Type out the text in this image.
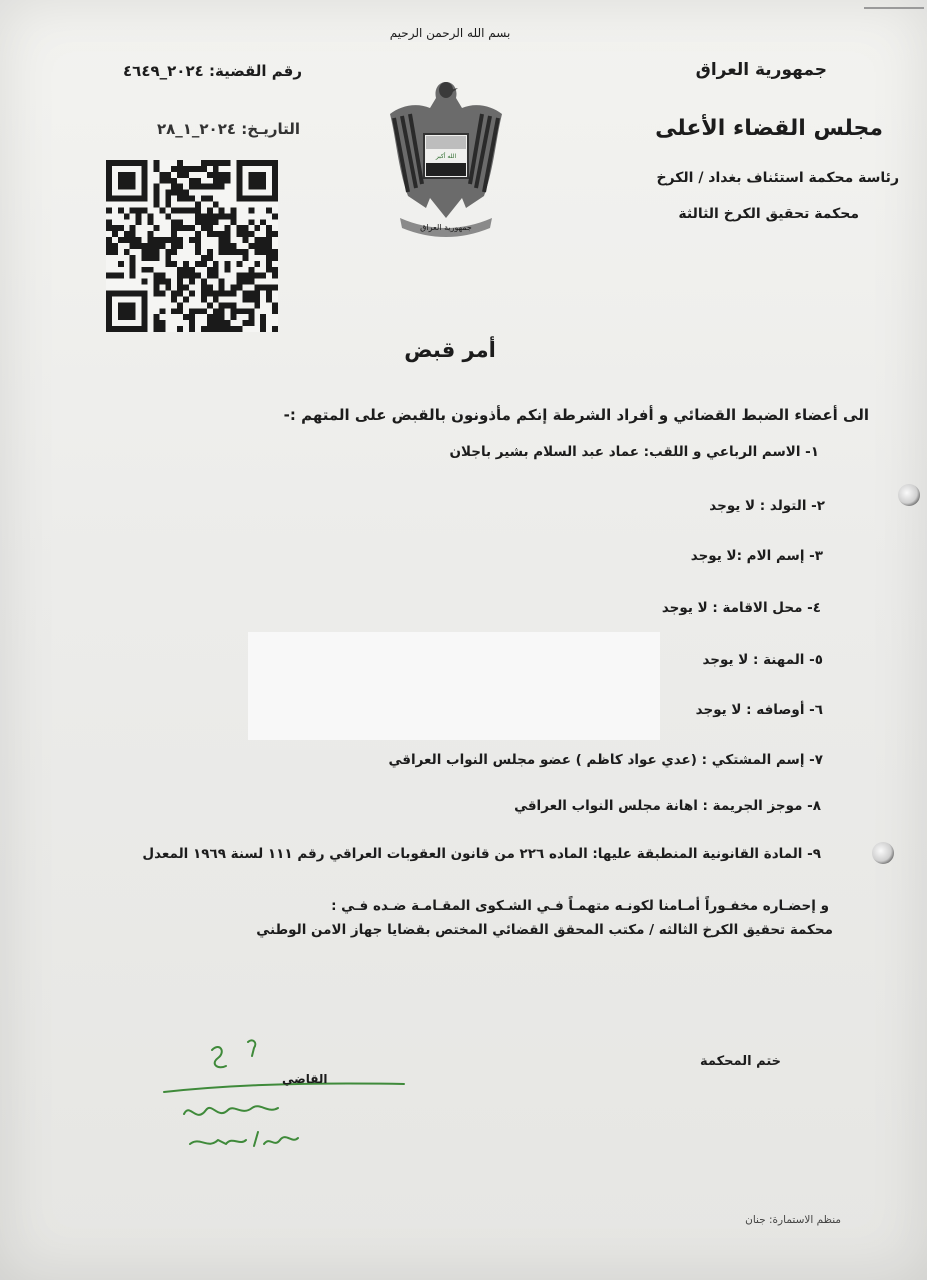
بسم الله الرحمن الرحيم
جمهورية العراق
مجلس القضاء الأعلى
رئاسة محكمة استئناف بغداد / الكرخ
محكمة تحقيق الكرخ الثالثة
رقم القضية: ٢٠٢٤_٤٦٤٩
التاريـخ: ٢٠٢٤_١_٢٨
الله أكبر
جمهورية العراق
أمر قبض
الى أعضاء الضبط القضائي و أفراد الشرطة إنكم مأذونون بالقبض على المتهم :-
١- الاسم الرباعي و اللقب: عماد عبد السلام بشير باجلان
٢- التولد : لا يوجد
٣- إسم الام :لا يوجد
٤- محل الاقامة : لا يوجد
٥- المهنة : لا يوجد
٦- أوصافه : لا يوجد
٧- إسم المشتكي : (عدي عواد كاظم ) عضو مجلس النواب العراقي
٨- موجز الجريمة : اهانة مجلس النواب العراقي
٩- المادة القانونية المنطبقة عليها: الماده ٢٢٦ من قانون العقوبات العراقي رقم ١١١ لسنة ١٩٦٩ المعدل
و إحضـاره مخفـوراً أمـامنا لكونـه متهمـاً فـي الشـكوى المقـامـة ضـده فـي :
محكمة تحقيق الكرخ الثالثه / مكتب المحقق القضائي المختص بقضايا جهاز الامن الوطني
ختم المحكمة
القاضي
منظم الاستمارة: جنان
